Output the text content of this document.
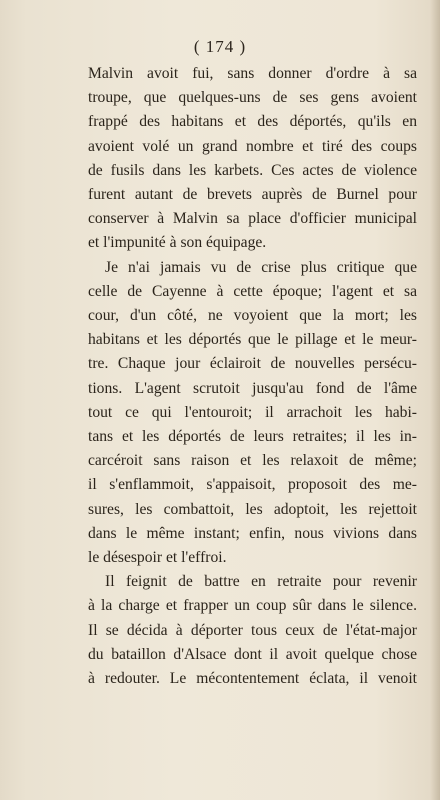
( 174 )
Malvin avoit fui, sans donner d'ordre à sa
troupe, que quelques-uns de ses gens avoient
frappé des habitans et des déportés, qu'ils en
avoient volé un grand nombre et tiré des coups
de fusils dans les karbets. Ces actes de violence
furent autant de brevets auprès de Burnel pour
conserver à Malvin sa place d'officier municipal
et l'impunité à son équipage.
Je n'ai jamais vu de crise plus critique que
celle de Cayenne à cette époque; l'agent et sa
cour, d'un côté, ne voyoient que la mort; les
habitans et les déportés que le pillage et le meur-
tre. Chaque jour éclairoit de nouvelles persécu-
tions. L'agent scrutoit jusqu'au fond de l'âme
tout ce qui l'entouroit; il arrachoit les habi-
tans et les déportés de leurs retraites; il les in-
carcéroit sans raison et les relaxoit de même;
il s'enflammoit, s'appaisoit, proposoit des me-
sures, les combattoit, les adoptoit, les rejettoit
dans le même instant; enfin, nous vivions dans
le désespoir et l'effroi.
Il feignit de battre en retraite pour revenir
à la charge et frapper un coup sûr dans le silence.
Il se décida à déporter tous ceux de l'état-major
du bataillon d'Alsace dont il avoit quelque chose
à redouter. Le mécontentement éclata, il venoit
